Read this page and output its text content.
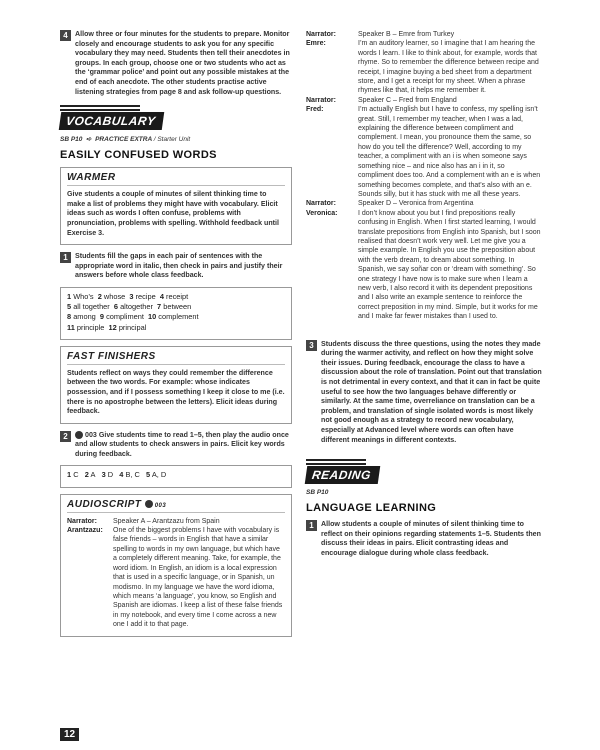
4	Allow three or four minutes for the students to prepare. Monitor closely and encourage students to ask you for any specific vocabulary they may need. Students then tell their anecdotes in groups. In each group, choose one or two students who act as the ‘grammar police’ and point out any possible mistakes at the end of each anecdote. The other students practise active listening strategies from page 8 and ask follow-up questions.
VOCABULARY
SB P10  ➪  PRACTICE EXTRA / Starter Unit
EASILY CONFUSED WORDS
WARMER
Give students a couple of minutes of silent thinking time to make a list of problems they might have with vocabulary. Elicit ideas such as words I often confuse, problems with pronunciation, problems with spelling. Withhold feedback until Exercise 3.
1	Students fill the gaps in each pair of sentences with the appropriate word in italic, then check in pairs and justify their answers before whole class feedback.
1 Who’s 2 whose 3 recipe 4 receipt
5 all together 6 altogether 7 between
8 among 9 compliment 10 complement
11 principle 12 principal
FAST FINISHERS
Students reflect on ways they could remember the difference between the two words. For example: whose indicates possession, and if I possess something I keep it close to me (i.e. there is no apostrophe between the letters). Elicit ideas during feedback.
2	003 Give students time to read 1–5, then play the audio once and allow students to check answers in pairs. Elicit key words during feedback.
1 C 2 A 3 D 4 B, C 5 A, D
AUDIOSCRIPT 003
Narrator:	Speaker A – Arantzazu from Spain
Arantzazu:	One of the biggest problems I have with vocabulary is false friends – words in English that have a similar spelling to words in my own language, but which have a completely different meaning. Take, for example, the word idiom. In English, an idiom is a local expression that is used in a specific language, or in Spanish, un modismo. In my language we have the word idioma, which means ‘a language’, you know, so English and Spanish are idiomas. I keep a list of these false friends in my notebook, and every time I come across a new one I add it to that page.
Narrator:	Speaker B – Emre from Turkey
Emre:	I’m an auditory learner, so I imagine that I am hearing the words I learn. I like to think about, for example, words that rhyme. So to remember the difference between recipe and receipt, I imagine buying a bed sheet from a department store, and I get a receipt for my sheet. When a phrase rhymes like that, it helps me remember it.
Narrator:	Speaker C – Fred from England
Fred:	I’m actually English but I have to confess, my spelling isn’t great. Still, I remember my teacher, when I was a lad, explaining the difference between compliment and complement. I mean, you pronounce them the same, so how do you tell the difference? Well, according to my teacher, a compliment with an i is when someone says something nice – and nice also has an i in it, so compliment does too. And a complement with an e is when something becomes complete, and that’s also with an e. Sounds silly, but it has stuck with me all these years.
Narrator:	Speaker D – Veronica from Argentina
Veronica:	I don’t know about you but I find prepositions really confusing in English. When I first started learning, I would translate prepositions from English into Spanish, but I soon realised that doesn’t work very well. Let me give you a simple example. In English you use the preposition about with the verb dream, to dream about something. In Spanish, we say soñar con or ‘dream with something’. So one strategy I have now is to make sure when I learn a new verb, I also record it with its dependent prepositions and I also write an example sentence to reinforce the correct preposition in my mind. Simple, but it works for me and I make far fewer mistakes than I used to.
3	Students discuss the three questions, using the notes they made during the warmer activity, and reflect on how they might solve their issues. During feedback, encourage the class to have a discussion about the role of translation. Point out that translation is not detrimental in every context, and that it can in fact be quite useful to see how the two languages behave differently or similarly. At the same time, overreliance on translation can be a problem, and translation of single isolated words is most likely not good enough as a strategy to record new vocabulary, especially at Advanced level where words can often have different meanings in different contexts.
READING
SB P10
LANGUAGE LEARNING
1	Allow students a couple of minutes of silent thinking time to reflect on their opinions regarding statements 1–5. Students then discuss their ideas in pairs. Elicit contrasting ideas and encourage dialogue during whole class feedback.
12
